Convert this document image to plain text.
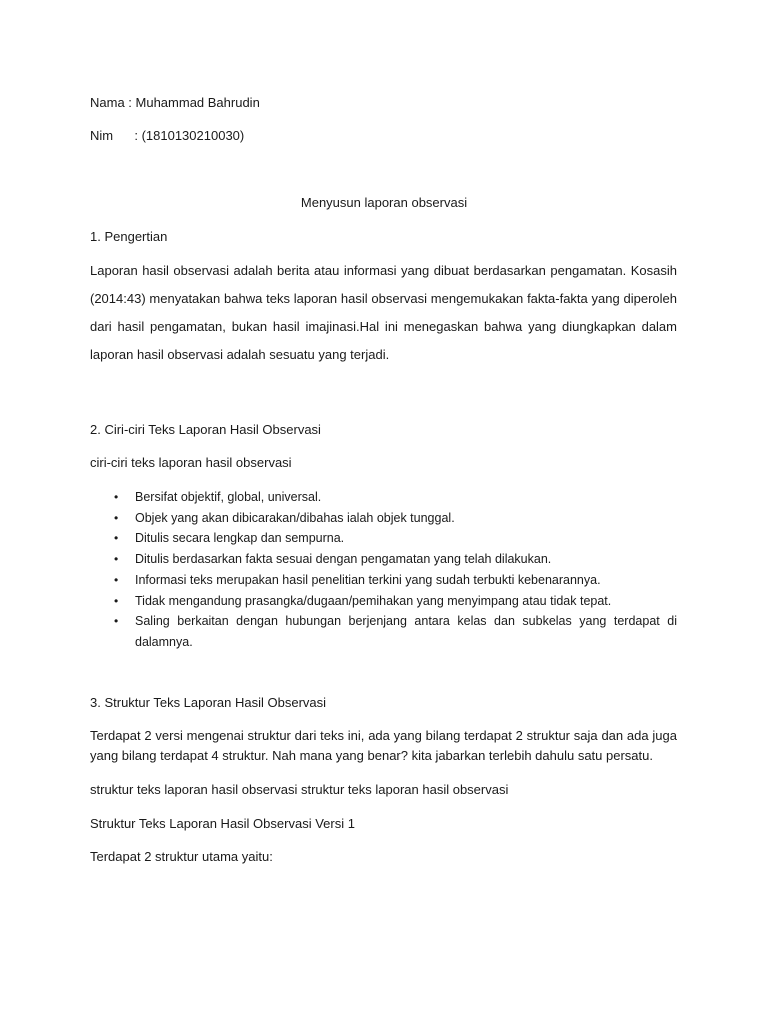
Nama : Muhammad Bahrudin
Nim : (1810130210030)
Menyusun laporan observasi
1. Pengertian
Laporan hasil observasi adalah berita atau informasi yang dibuat berdasarkan pengamatan. Kosasih (2014:43) menyatakan bahwa teks laporan hasil observasi mengemukakan fakta-fakta yang diperoleh dari hasil pengamatan, bukan hasil imajinasi.Hal ini menegaskan bahwa yang diungkapkan dalam laporan hasil observasi adalah sesuatu yang terjadi.
2. Ciri-ciri Teks Laporan Hasil Observasi
ciri-ciri teks laporan hasil observasi
• Bersifat objektif, global, universal.
• Objek yang akan dibicarakan/dibahas ialah objek tunggal.
• Ditulis secara lengkap dan sempurna.
• Ditulis berdasarkan fakta sesuai dengan pengamatan yang telah dilakukan.
• Informasi teks merupakan hasil penelitian terkini yang sudah terbukti kebenarannya.
• Tidak mengandung prasangka/dugaan/pemihakan yang menyimpang atau tidak tepat.
• Saling berkaitan dengan hubungan berjenjang antara kelas dan subkelas yang terdapat di dalamnya.
3. Struktur Teks Laporan Hasil Observasi
Terdapat 2 versi mengenai struktur dari teks ini, ada yang bilang terdapat 2 struktur saja dan ada juga yang bilang terdapat 4 struktur. Nah mana yang benar? kita jabarkan terlebih dahulu satu persatu.
struktur teks laporan hasil observasi struktur teks laporan hasil observasi
Struktur Teks Laporan Hasil Observasi Versi 1
Terdapat 2 struktur utama yaitu:
